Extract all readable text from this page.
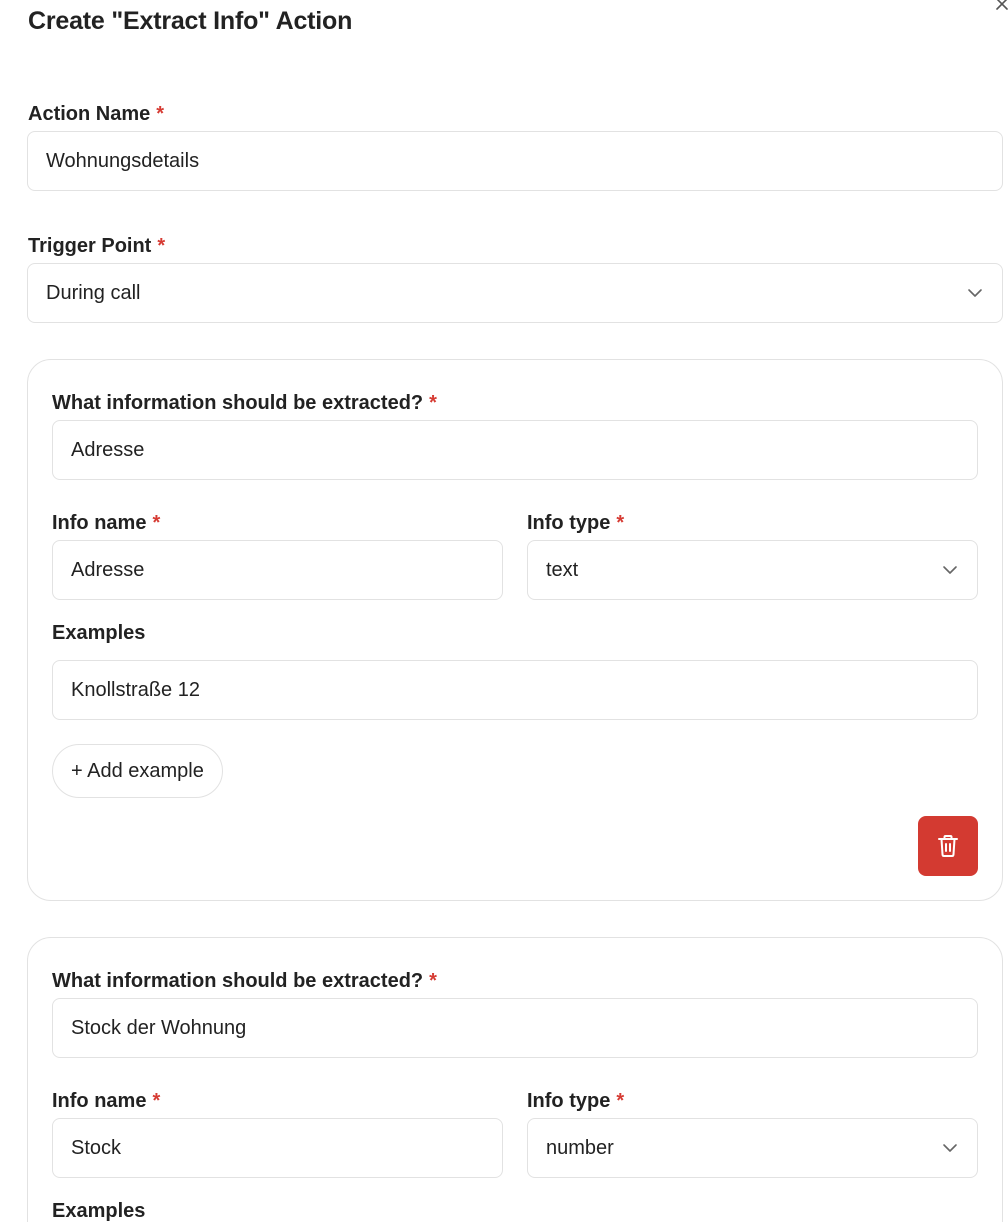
Create "Extract Info" Action
Action Name *
Wohnungsdetails
Trigger Point *
During call
What information should be extracted? *
Adresse
Info name *
Adresse
Info type *
text
Examples
Knollstraße 12
+ Add example
What information should be extracted? *
Stock der Wohnung
Info name *
Stock
Info type *
number
Examples
